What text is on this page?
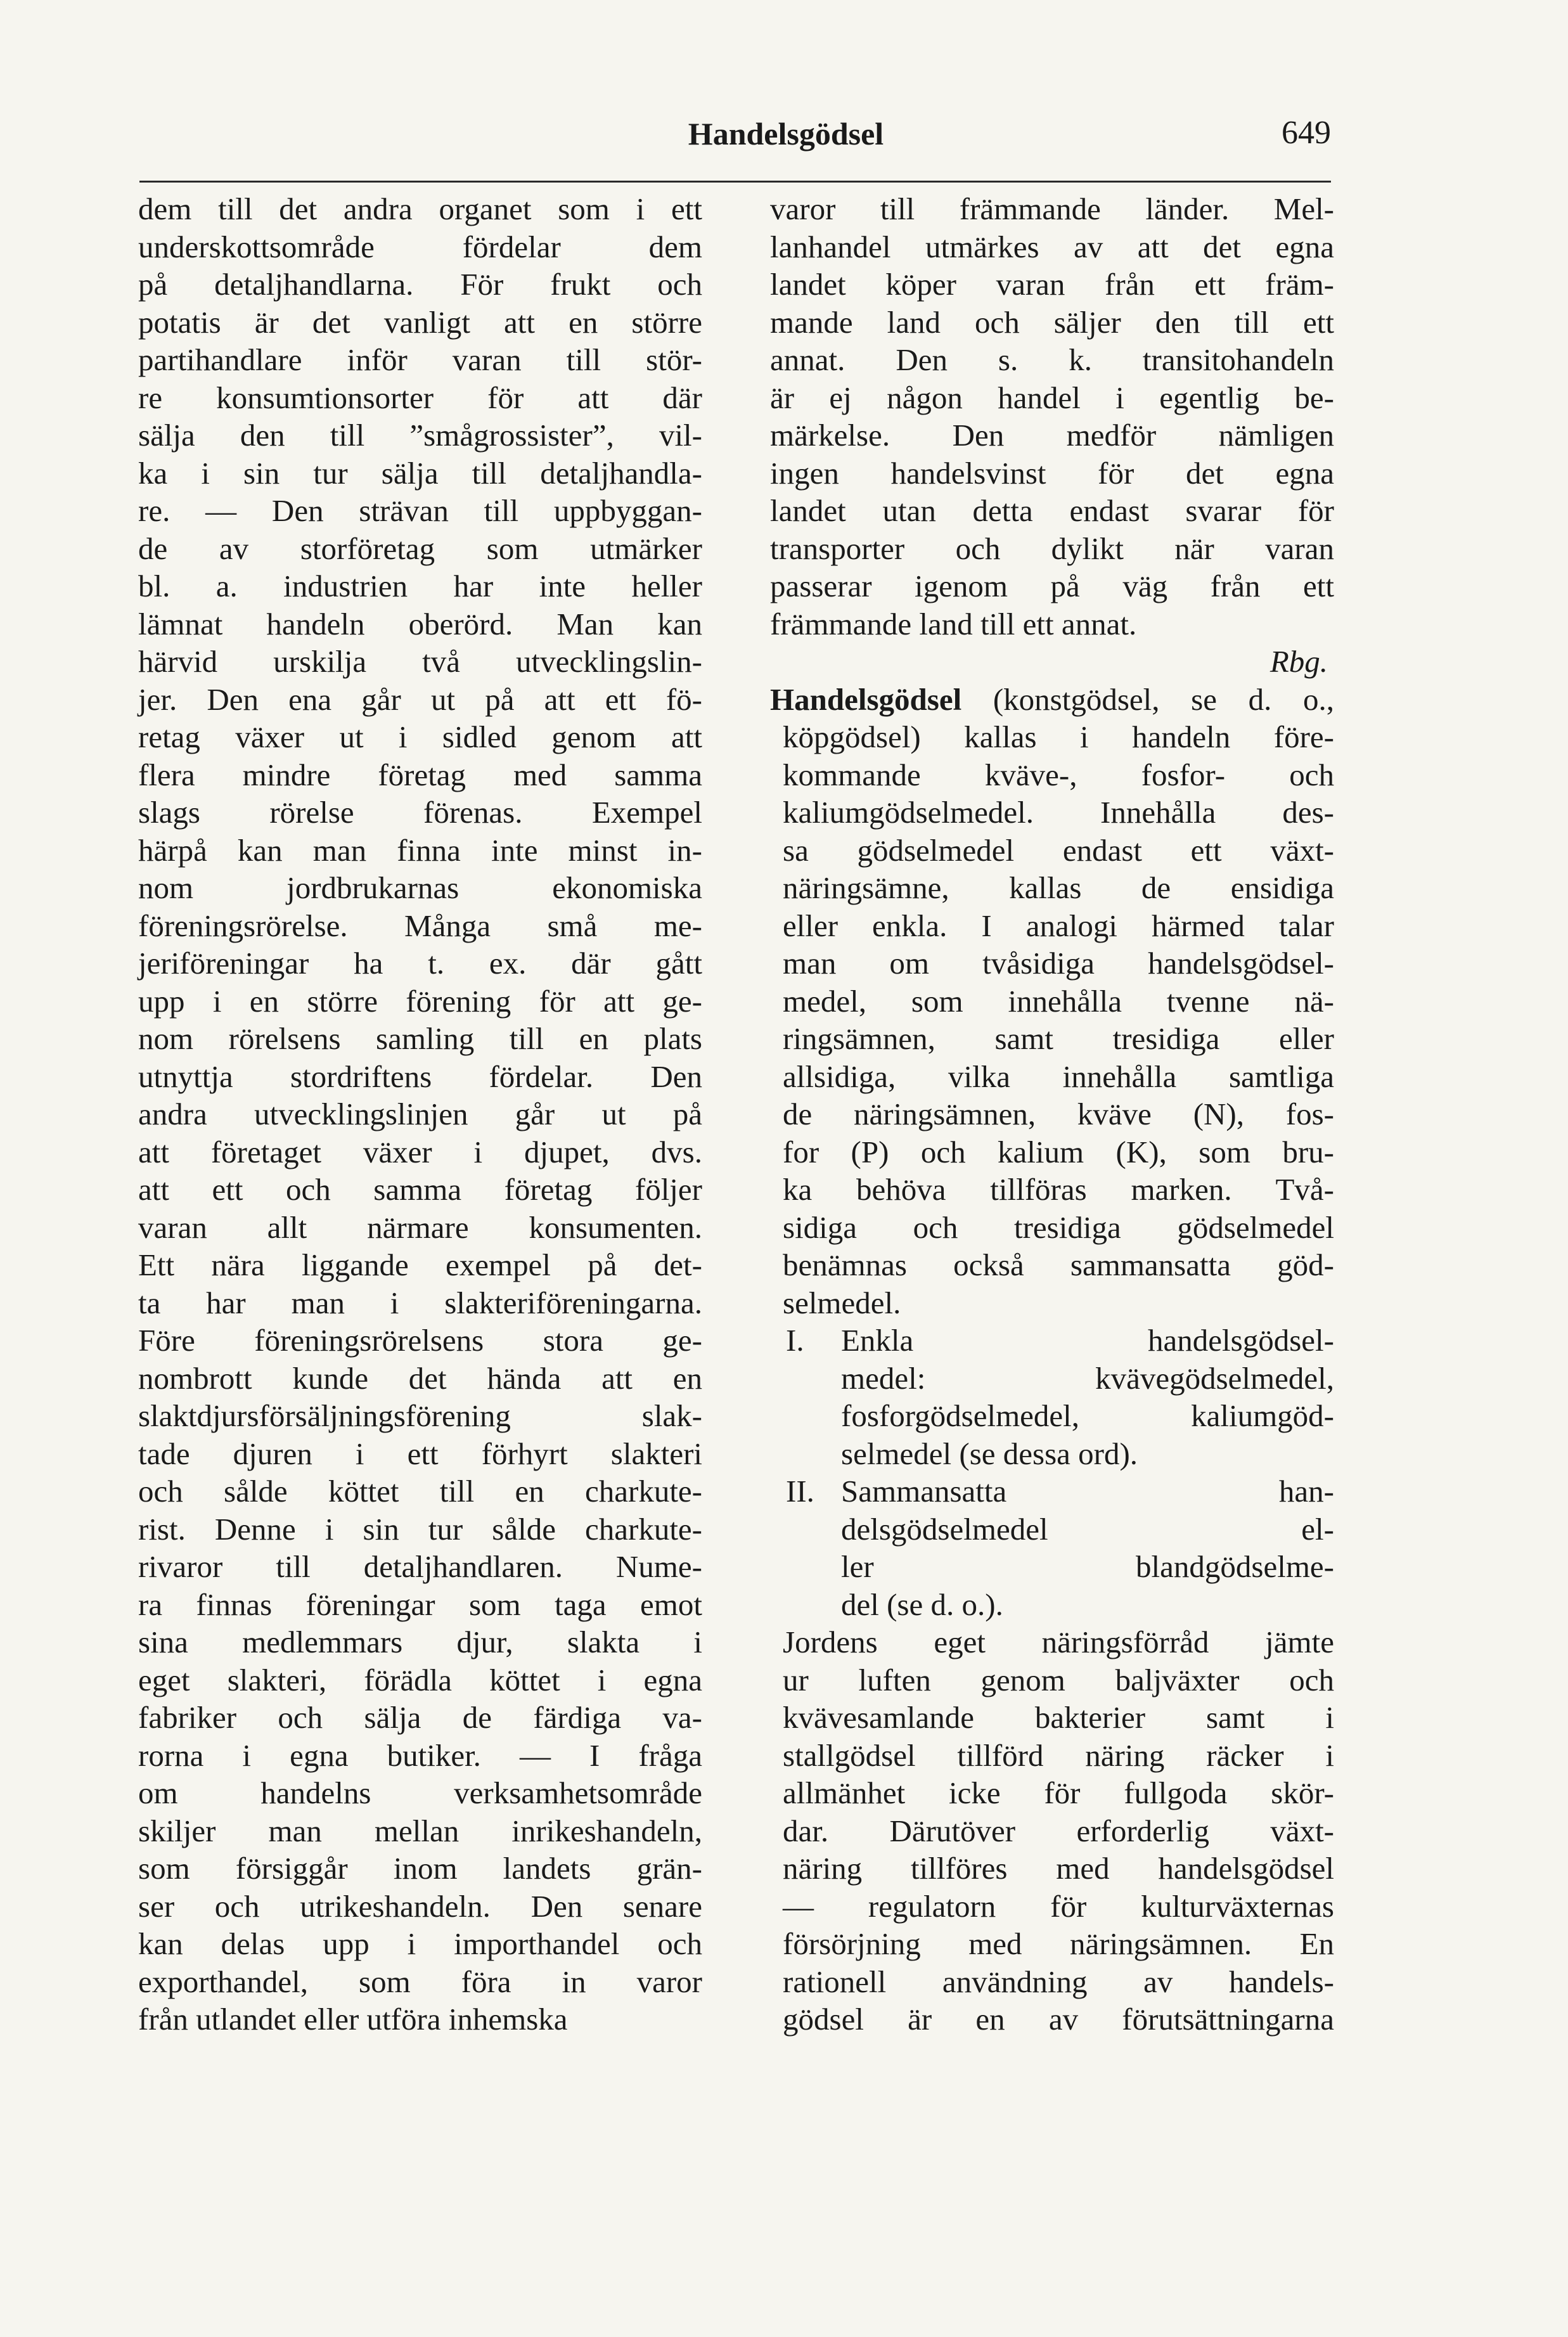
Handelsgödsel	649
dem till det andra organet som i ett
underskottsområde fördelar dem
på detaljhandlarna. För frukt och
potatis är det vanligt att en större
partihandlare inför varan till stör-
re konsumtionsorter för att där
sälja den till ”smågrossister”, vil-
ka i sin tur sälja till detaljhandla-
re. — Den strävan till uppbyggan-
de av storföretag som utmärker
bl. a. industrien har inte heller
lämnat handeln oberörd. Man kan
härvid urskilja två utvecklingslin-
jer. Den ena går ut på att ett fö-
retag växer ut i sidled genom att
flera mindre företag med samma
slags rörelse förenas. Exempel
härpå kan man finna inte minst in-
nom jordbrukarnas ekonomiska
föreningsrörelse. Många små me-
jeriföreningar ha t. ex. där gått
upp i en större förening för att ge-
nom rörelsens samling till en plats
utnyttja stordriftens fördelar. Den
andra utvecklingslinjen går ut på
att företaget växer i djupet, dvs.
att ett och samma företag följer
varan allt närmare konsumenten.
Ett nära liggande exempel på det-
ta har man i slakteriföreningarna.
Före föreningsrörelsens stora ge-
nombrott kunde det hända att en
slaktdjursförsäljningsförening slak-
tade djuren i ett förhyrt slakteri
och sålde köttet till en charkute-
rist. Denne i sin tur sålde charkute-
rivaror till detaljhandlaren. Nume-
ra finnas föreningar som taga emot
sina medlemmars djur, slakta i
eget slakteri, förädla köttet i egna
fabriker och sälja de färdiga va-
rorna i egna butiker. — I fråga
om handelns verksamhetsområde
skiljer man mellan inrikeshandeln,
som försiggår inom landets grän-
ser och utrikeshandeln. Den senare
kan delas upp i importhandel och
exporthandel, som föra in varor
från utlandet eller utföra inhemska
varor till främmande länder. Mel-
lanhandel utmärkes av att det egna
landet köper varan från ett främ-
mande land och säljer den till ett
annat. Den s. k. transitohandeln
är ej någon handel i egentlig be-
märkelse. Den medför nämligen
ingen handelsvinst för det egna
landet utan detta endast svarar för
transporter och dylikt när varan
passerar igenom på väg från ett
främmande land till ett annat.
Rbg.
Handelsgödsel (konstgödsel, se d. o.,
köpgödsel) kallas i handeln före-
kommande kväve-, fosfor- och
kaliumgödselmedel. Innehålla des-
sa gödselmedel endast ett växt-
näringsämne, kallas de ensidiga
eller enkla. I analogi härmed talar
man om tvåsidiga handelsgödsel-
medel, som innehålla tvenne nä-
ringsämnen, samt tresidiga eller
allsidiga, vilka innehålla samtliga
de näringsämnen, kväve (N), fos-
for (P) och kalium (K), som bru-
ka behöva tillföras marken. Två-
sidiga och tresidiga gödselmedel
benämnas också sammansatta göd-
selmedel.
I. Enkla handelsgödsel-
medel: kvävegödselmedel,
fosforgödselmedel, kaliumgöd-
selmedel (se dessa ord).
II. Sammansatta han-
delsgödselmedel el-
ler blandgödselme-
del (se d. o.).
Jordens eget näringsförråd jämte
ur luften genom baljväxter och
kvävesamlande bakterier samt i
stallgödsel tillförd näring räcker i
allmänhet icke för fullgoda skör-
dar. Därutöver erforderlig växt-
näring tillföres med handelsgödsel
— regulatorn för kulturväxternas
försörjning med näringsämnen. En
rationell användning av handels-
gödsel är en av förutsättningarna
